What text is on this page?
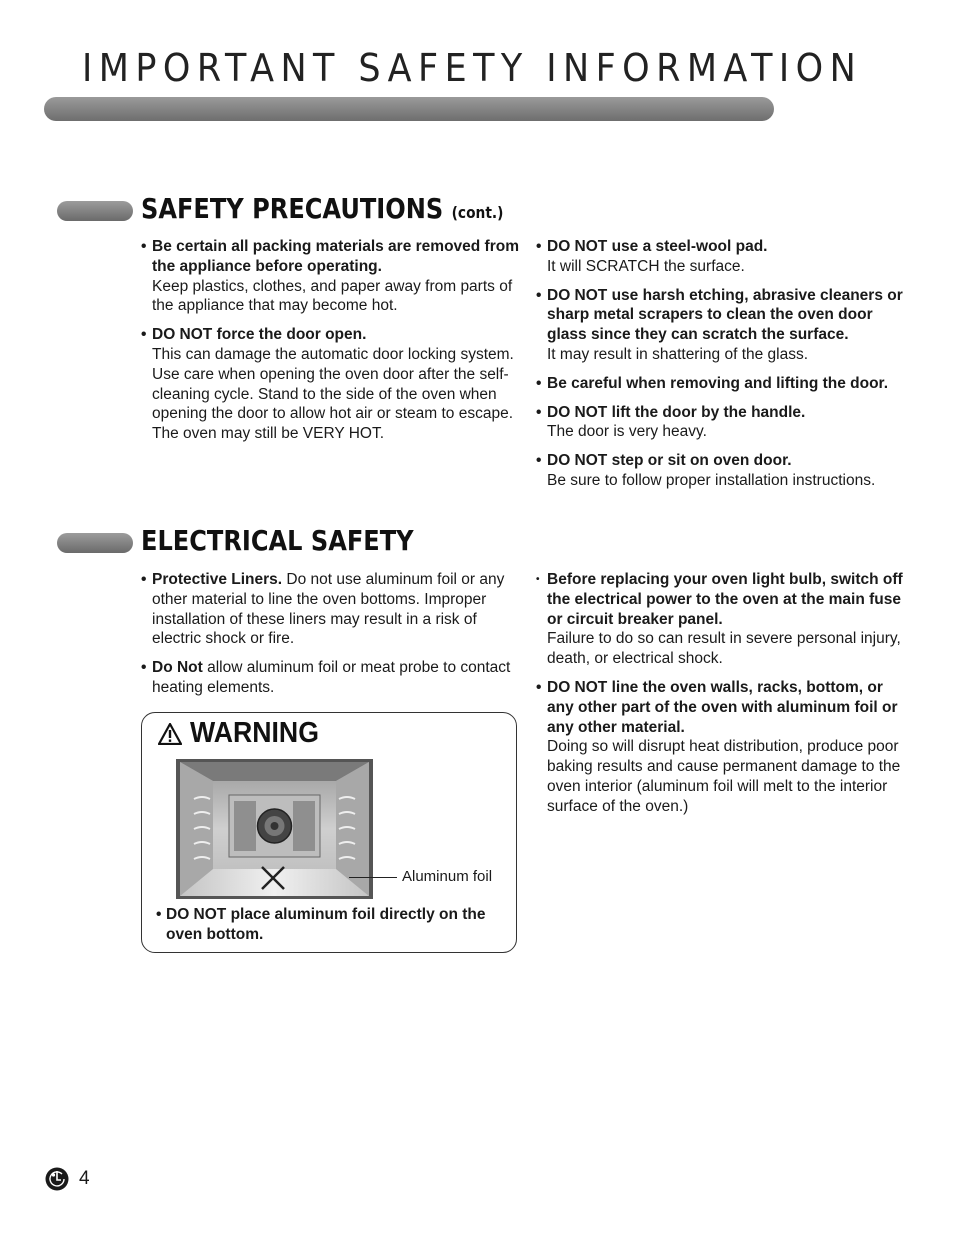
IMPORTANT SAFETY INFORMATION
SAFETY PRECAUTIONS (cont.)
• Be certain all packing materials are removed from the appliance before operating.
Keep plastics, clothes, and paper away from parts of the appliance that may become hot.
• DO NOT force the door open.
This can damage the automatic door locking system. Use care when opening the oven door after the self-cleaning cycle. Stand to the side of the oven when opening the door to allow hot air or steam to escape. The oven may still be VERY HOT.
• DO NOT use a steel-wool pad.
It will SCRATCH the surface.
• DO NOT use harsh etching, abrasive cleaners or sharp metal scrapers to clean the oven door glass since they can scratch the surface.
It may result in shattering of the glass.
• Be careful when removing and lifting the door.
• DO NOT lift the door by the handle.
The door is very heavy.
• DO NOT step or sit on oven door.
Be sure to follow proper installation instructions.
ELECTRICAL SAFETY
• Protective Liners. Do not use aluminum foil or any other material to line the oven bottoms. Improper installation of these liners may result in a risk of electric shock or fire.
• Do Not allow aluminum foil or meat probe to contact heating elements.
• Before replacing your oven light bulb, switch off the electrical power to the oven at the main fuse or circuit breaker panel.
Failure to do so can result in severe personal injury, death, or electrical shock.
• DO NOT line the oven walls, racks, bottom, or any other part of the oven with aluminum foil or any other material.
Doing so will disrupt heat distribution, produce poor baking results and cause permanent damage to the oven interior (aluminum foil will melt to the interior surface of the oven.)
WARNING
Aluminum foil
• DO NOT place aluminum foil directly on the oven bottom.
4
